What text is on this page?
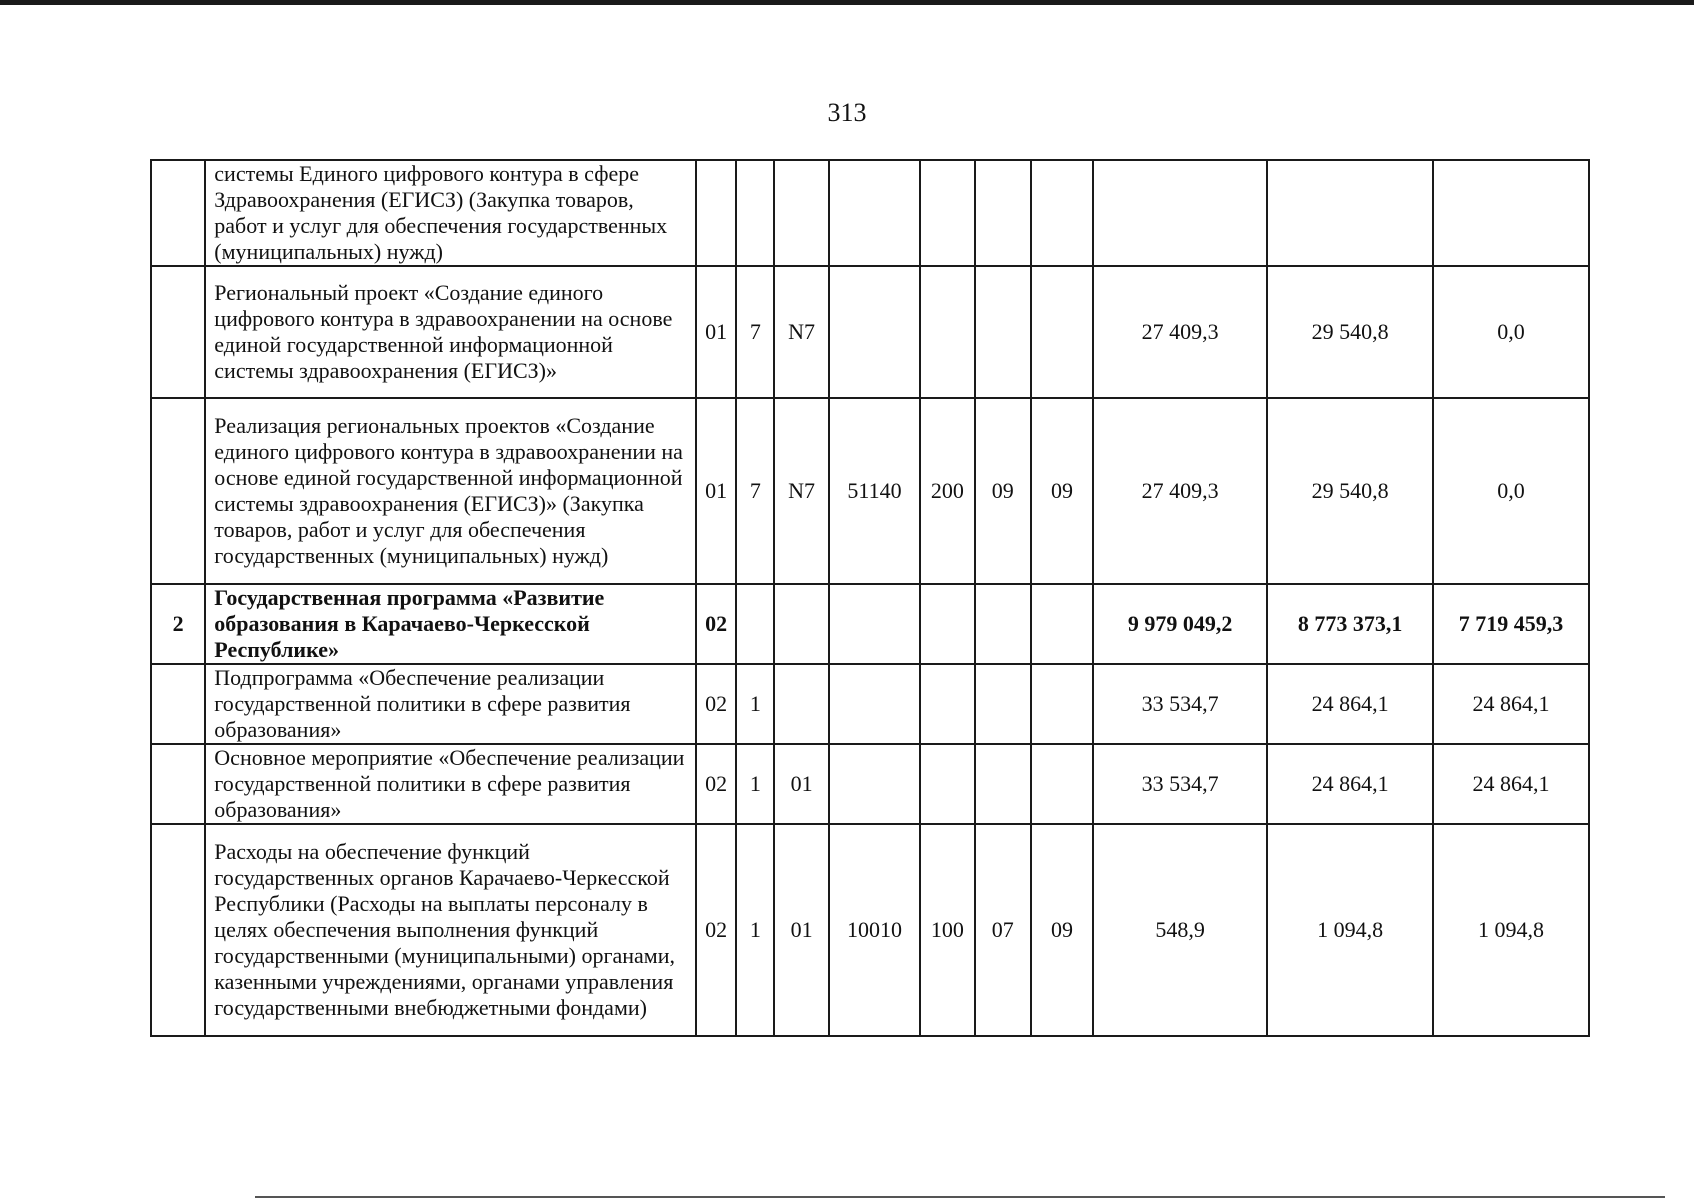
313
	системы Единого цифрового контура в сфере Здравоохранения (ЕГИСЗ) (Закупка товаров, работ и услуг для обеспечения государственных (муниципальных) нужд)										
	Региональный проект «Создание единого цифрового контура в здравоохранении на основе единой государственной информационной системы здравоохранения (ЕГИСЗ)»	01	7	N7					27 409,3	29 540,8	0,0
	Реализация региональных проектов «Создание единого цифрового контура в здравоохранении на основе единой государственной информационной системы здравоохранения (ЕГИСЗ)» (Закупка товаров, работ и услуг для обеспечения государственных (муниципальных) нужд)	01	7	N7	51140	200	09	09	27 409,3	29 540,8	0,0
2	Государственная программа «Развитие образования в Карачаево-Черкесской Республике»	02							9 979 049,2	8 773 373,1	7 719 459,3
	Подпрограмма «Обеспечение реализации государственной политики в сфере развития образования»	02	1						33 534,7	24 864,1	24 864,1
	Основное мероприятие «Обеспечение реализации государственной политики в сфере развития образования»	02	1	01					33 534,7	24 864,1	24 864,1
	Расходы на обеспечение функций государственных органов Карачаево-Черкесской Республики (Расходы на выплаты персоналу в целях обеспечения выполнения функций государственными (муниципальными) органами, казенными учреждениями, органами управления государственными внебюджетными фондами)	02	1	01	10010	100	07	09	548,9	1 094,8	1 094,8
